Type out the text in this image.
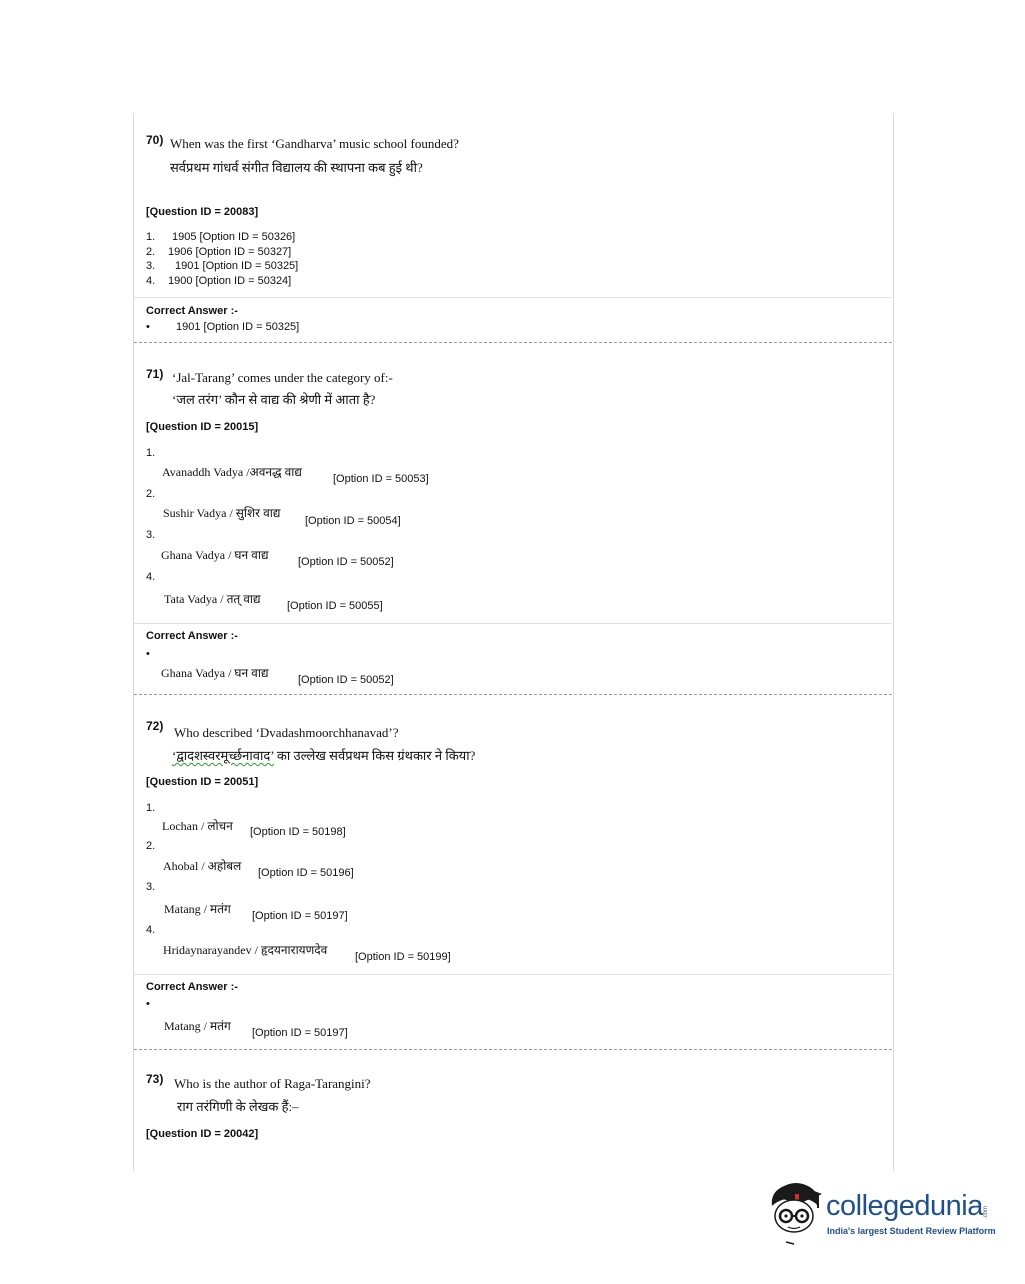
70) When was the first ‘Gandharva’ music school founded?
सर्वप्रथम गांधर्व संगीत विद्यालय की स्थापना कब हुई थी?
[Question ID = 20083]
1. 1905 [Option ID = 50326]
2. 1906 [Option ID = 50327]
3. 1901 [Option ID = 50325]
4. 1900 [Option ID = 50324]
Correct Answer :-
• 1901 [Option ID = 50325]
71) ‘Jal-Tarang’ comes under the category of:-
‘जल तरंग’ कौन से वाद्य की श्रेणी में आता है?
[Question ID = 20015]
1.
Avanaddh Vadya /अवनद्ध वाद्य	[Option ID = 50053]
2.
Sushir Vadya / सुशिर वाद्य
[Option ID = 50054]
3.
Ghana Vadya / घन वाद्य	[Option ID = 50052]
4.
Tata Vadya / तत् वाद्य [Option ID = 50055]
Correct Answer :-
•
Ghana Vadya / घन वाद्य	[Option ID = 50052]
72) Who described ‘Dvadashmoorchhanavad’?
‘द्वादशस्वरमूर्च्छनावाद’ का उल्लेख सर्वप्रथम किस ग्रंथकार ने किया?
[Question ID = 20051]
1.
Lochan / लोचन [Option ID = 50198]
2.
Ahobal / अहोबल [Option ID = 50196]
3.
Matang / मतंग [Option ID = 50197]
4.
Hridaynarayandev / हृदयनारायणदेव	[Option ID = 50199]
Correct Answer :-
•
Matang / मतंग [Option ID = 50197]
73) Who is the author of Raga-Tarangini?
राग तरंगिणी के लेखक हैं:–
[Question ID = 20042]
collegedunia .com
India's largest Student Review Platform
